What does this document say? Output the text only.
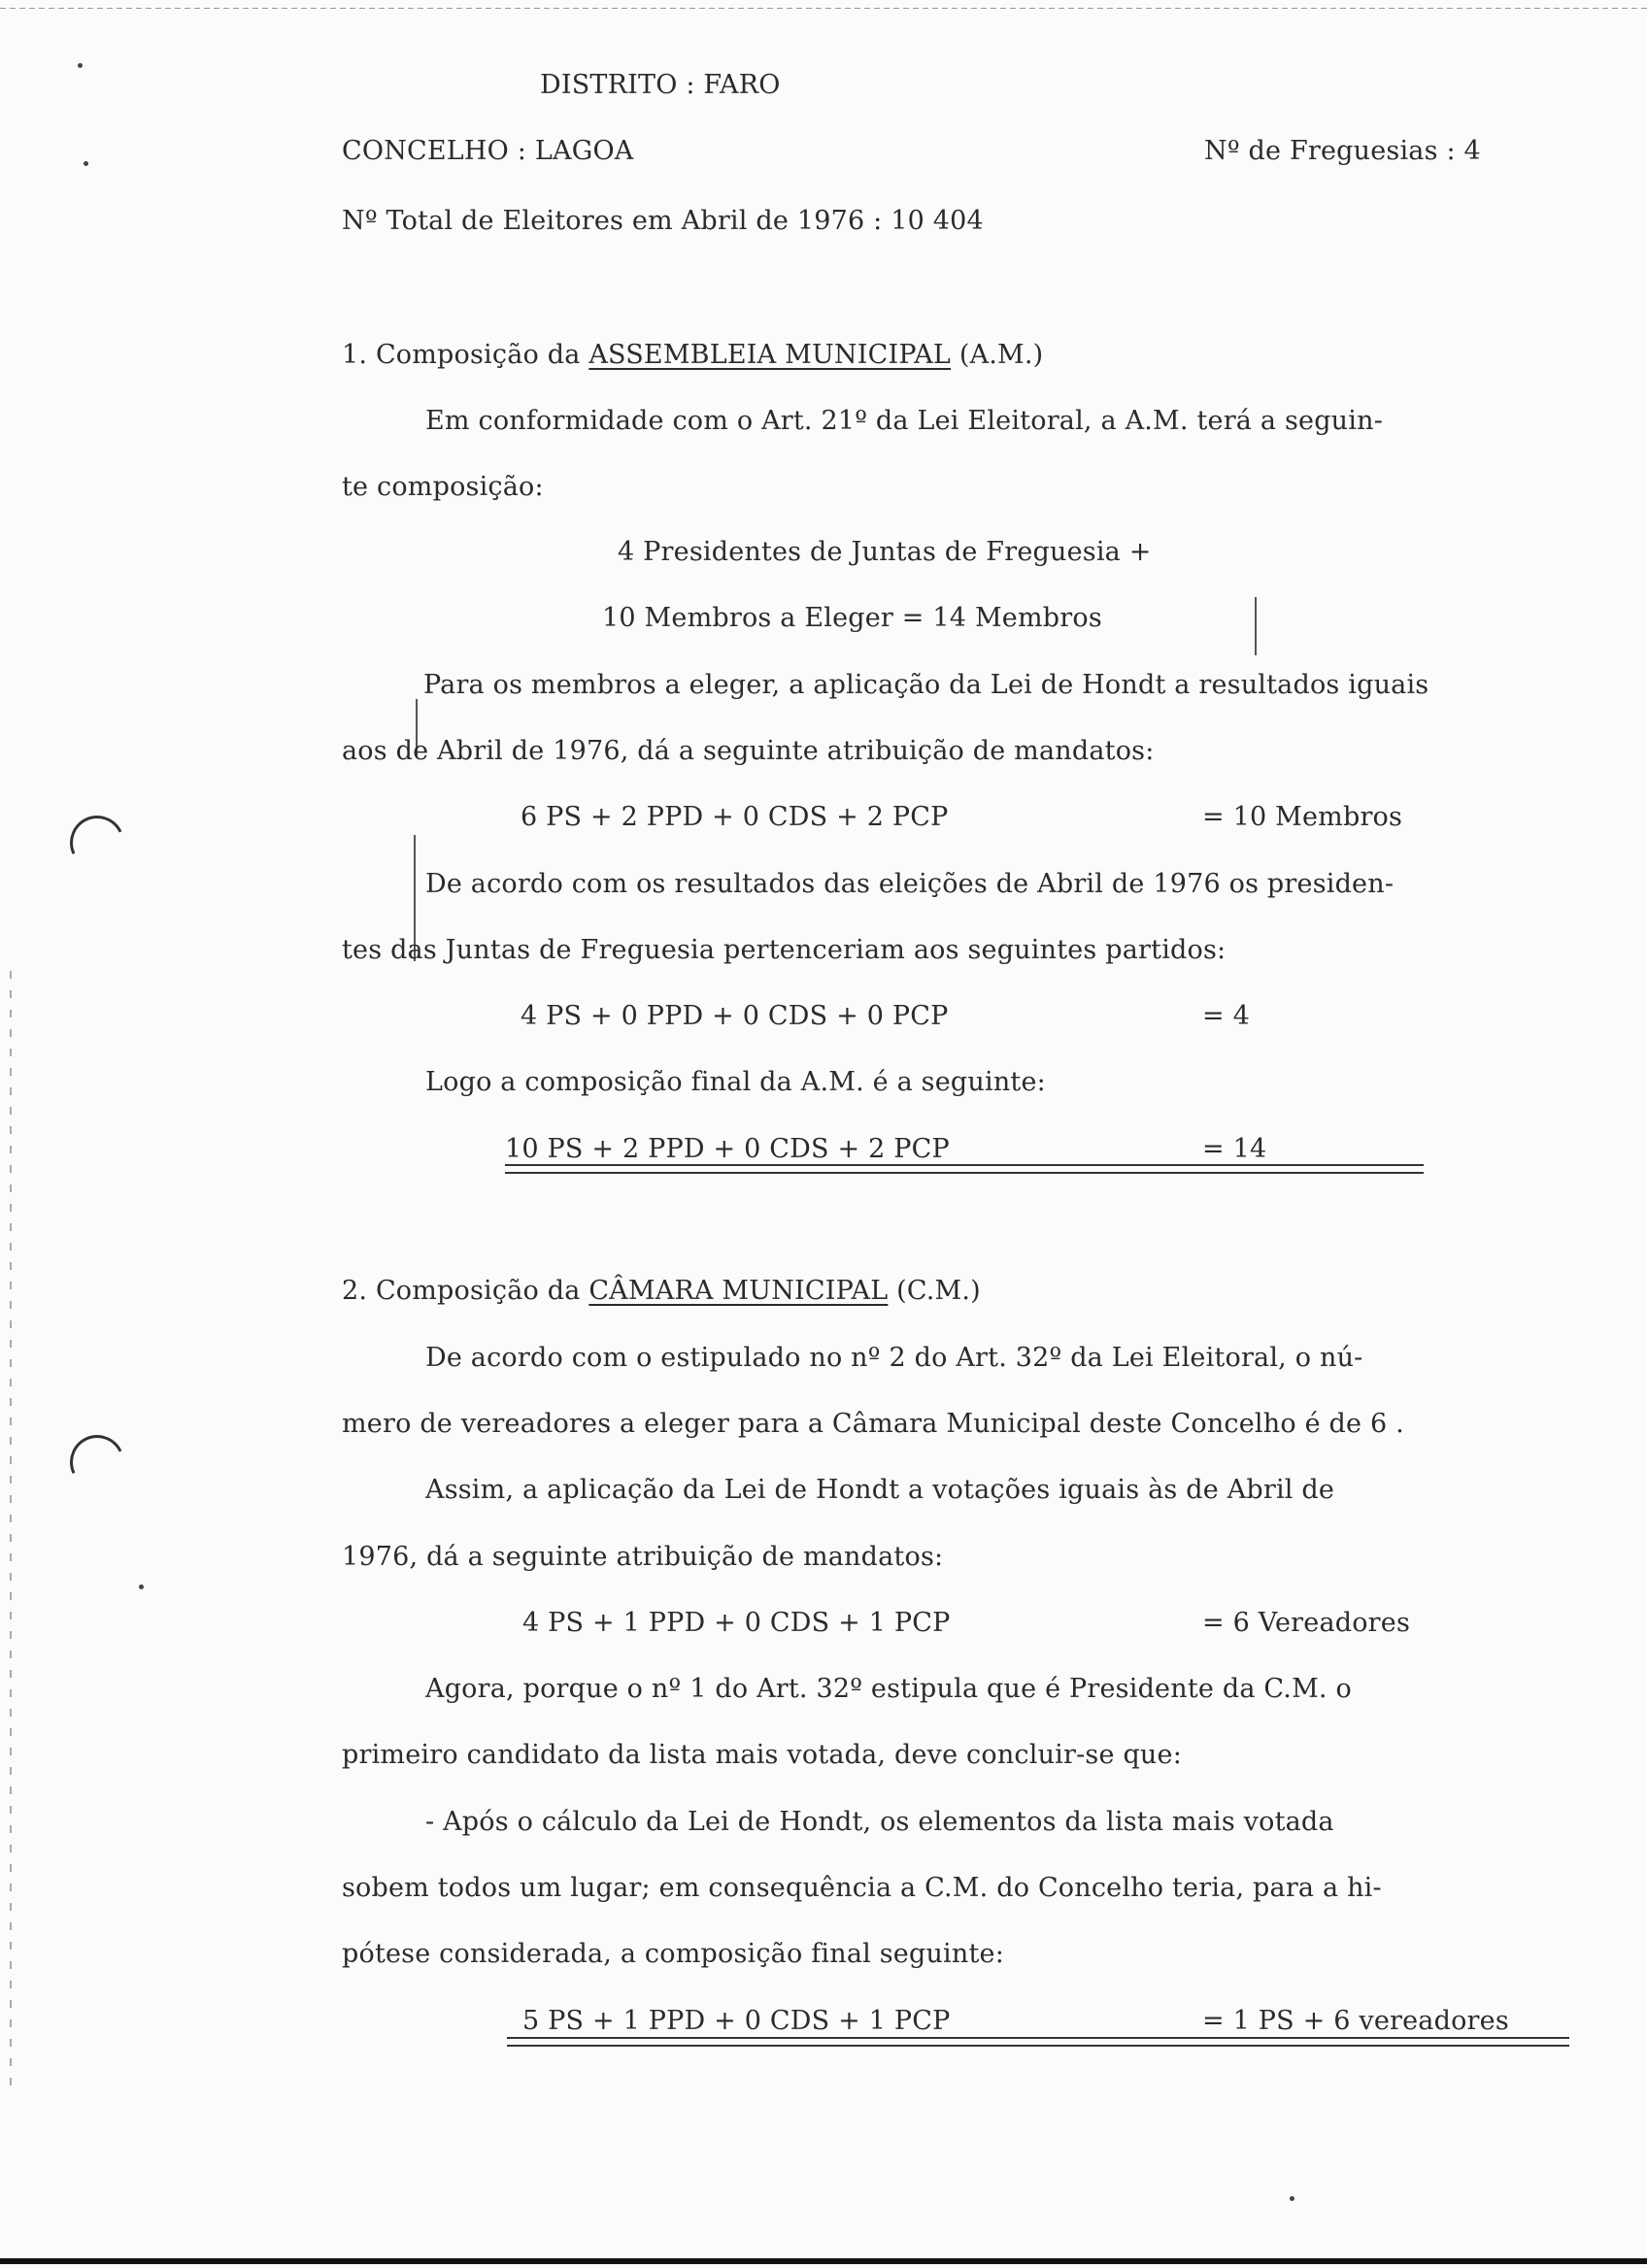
DISTRITO : FARO
CONCELHO : LAGOA	Nº de Freguesias : 4
Nº Total de Eleitores em Abril de 1976 : 10 404
1. Composição da ASSEMBLEIA MUNICIPAL (A.M.)
Em conformidade com o Art. 21º da Lei Eleitoral, a A.M. terá a seguin-
te composição:
4 Presidentes de Juntas de Freguesia +
10 Membros a Eleger = 14 Membros
Para os membros a eleger, a aplicação da Lei de Hondt a resultados iguais
aos de Abril de 1976, dá a seguinte atribuição de mandatos:
6 PS + 2 PPD + 0 CDS + 2 PCP	= 10 Membros
De acordo com os resultados das eleições de Abril de 1976 os presiden-
tes das Juntas de Freguesia pertenceriam aos seguintes partidos:
4 PS + 0 PPD + 0 CDS + 0 PCP	= 4
Logo a composição final da A.M. é a seguinte:
10 PS + 2 PPD + 0 CDS + 2 PCP	= 14
2. Composição da CÂMARA MUNICIPAL (C.M.)
De acordo com o estipulado no nº 2 do Art. 32º da Lei Eleitoral, o nú-
mero de vereadores a eleger para a Câmara Municipal deste Concelho é de 6 .
Assim, a aplicação da Lei de Hondt a votações iguais às de Abril de
1976, dá a seguinte atribuição de mandatos:
4 PS + 1 PPD + 0 CDS + 1 PCP	= 6 Vereadores
Agora, porque o nº 1 do Art. 32º estipula que é Presidente da C.M. o
primeiro candidato da lista mais votada, deve concluir-se que:
- Após o cálculo da Lei de Hondt, os elementos da lista mais votada
sobem todos um lugar; em consequência a C.M. do Concelho teria, para a hi-
pótese considerada, a composição final seguinte:
5 PS + 1 PPD + 0 CDS + 1 PCP	= 1 PS + 6 vereadores
